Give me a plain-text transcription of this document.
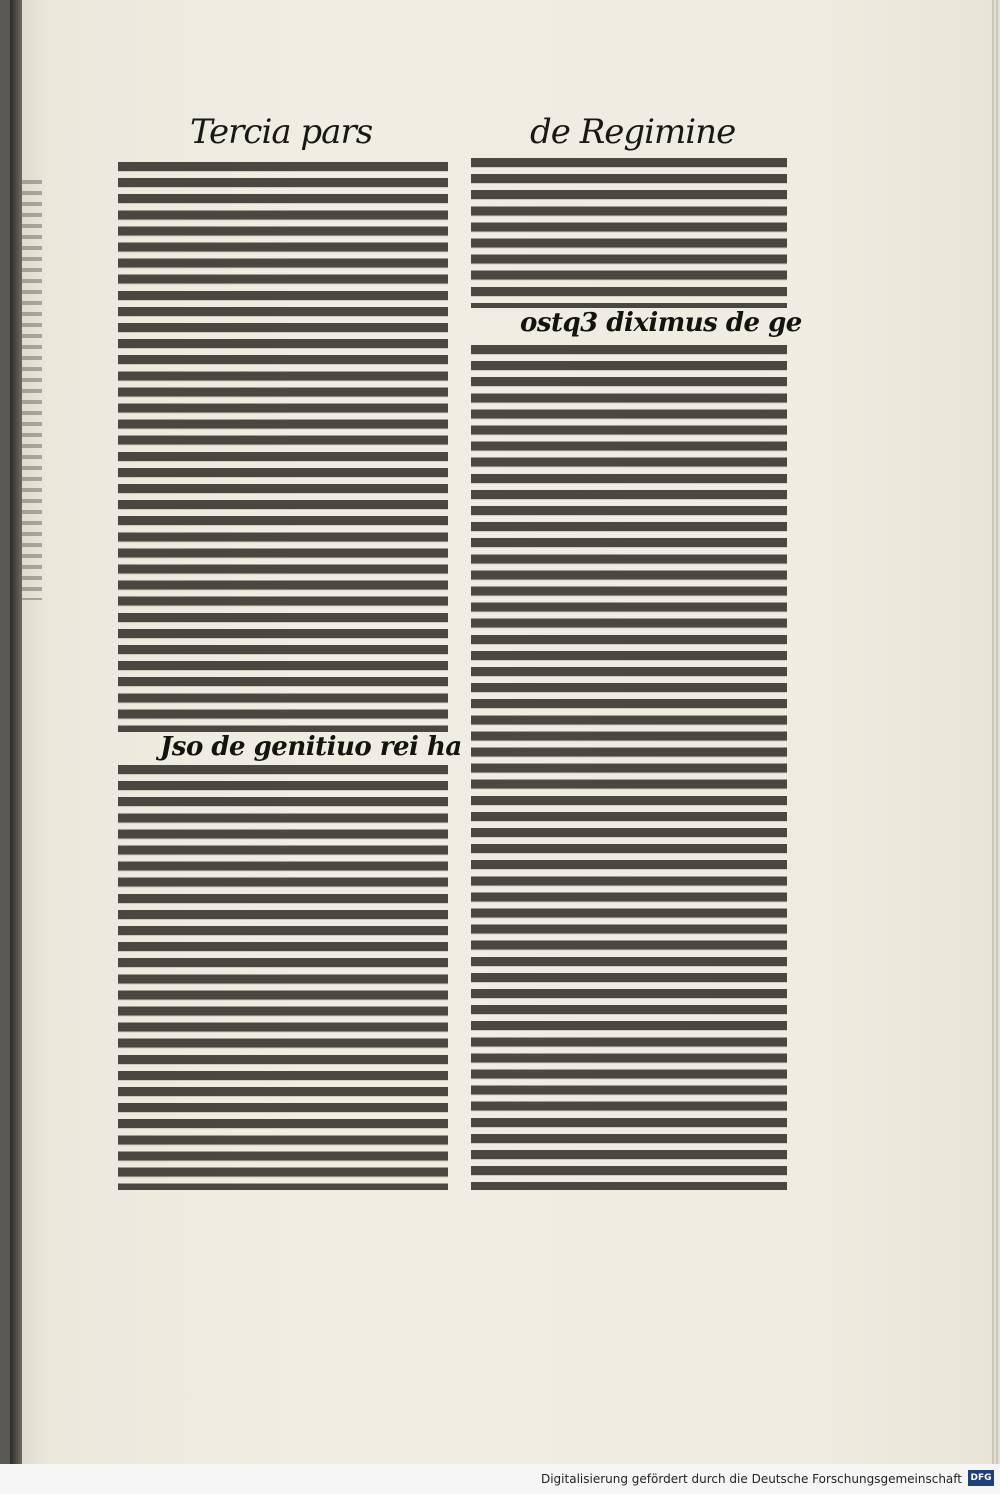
Tercia pars	de Regimine
Jso de genitiuo rei ha
ostq3 diximus de ge
Digitalisierung gefördert durch die Deutsche Forschungsgemeinschaft DFG
